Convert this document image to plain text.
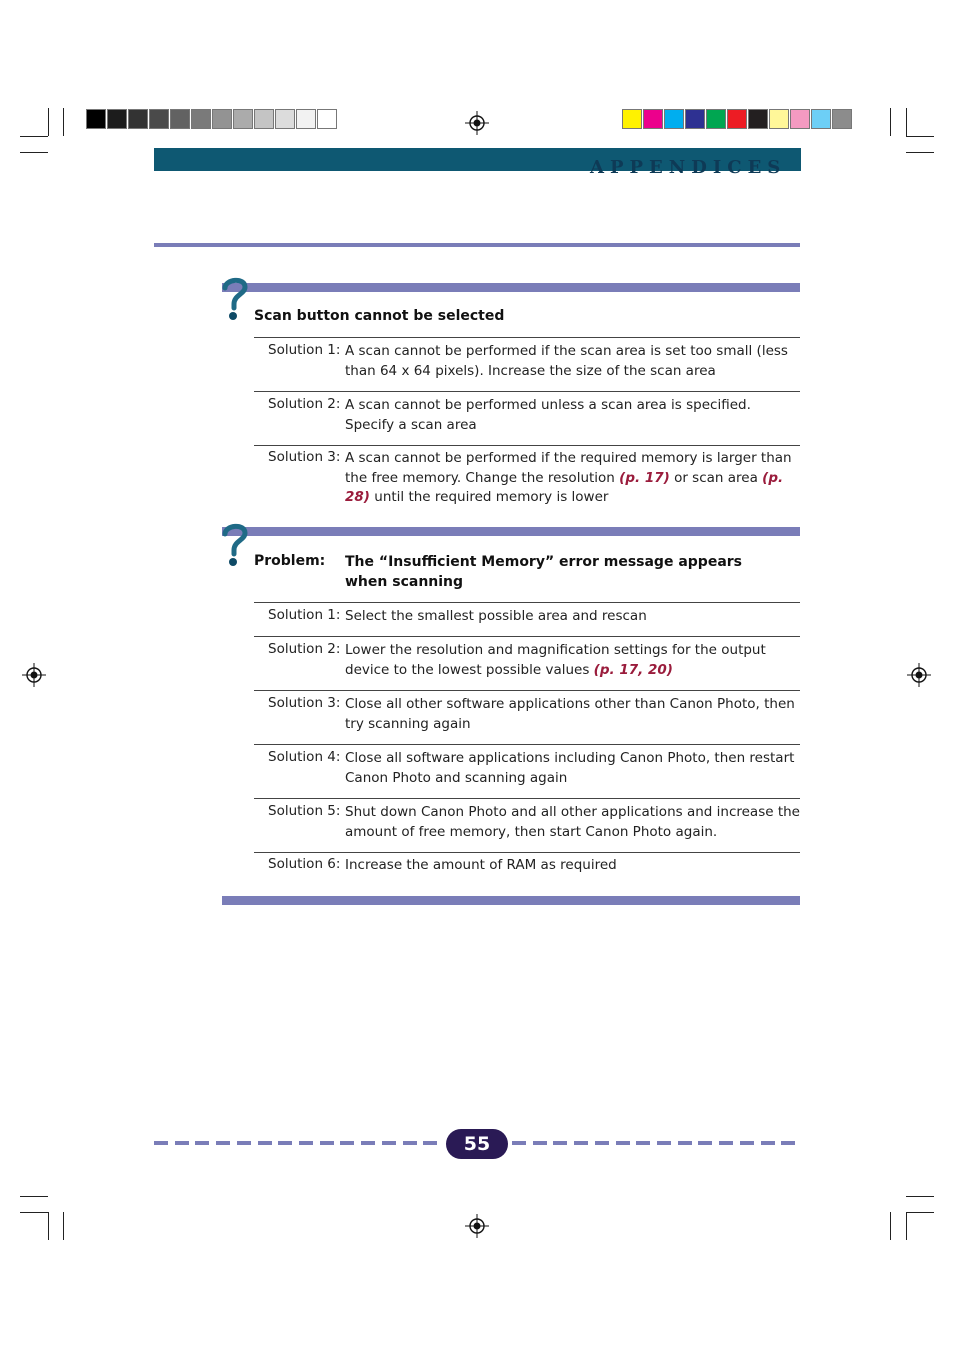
APPENDICES
Scan button cannot be selected
Solution 1: A scan cannot be performed if the scan area is set too small (less than 64 x 64 pixels). Increase the size of the scan area
Solution 2: A scan cannot be performed unless a scan area is specified. Specify a scan area
Solution 3: A scan cannot be performed if the required memory is larger than the free memory. Change the resolution (p. 17) or scan area (p. 28) until the required memory is lower
Problem: The “Insufficient Memory” error message appears when scanning
Solution 1: Select the smallest possible area and rescan
Solution 2: Lower the resolution and magnification settings for the output device to the lowest possible values (p. 17, 20)
Solution 3: Close all other software applications other than Canon Photo, then try scanning again
Solution 4: Close all software applications including Canon Photo, then restart Canon Photo and scanning again
Solution 5: Shut down Canon Photo and all other applications and increase the amount of free memory, then start Canon Photo again.
Solution 6: Increase the amount of RAM as required
55
